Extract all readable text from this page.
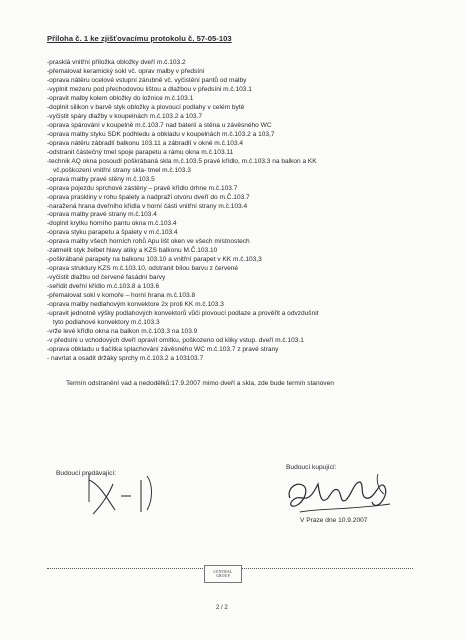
Příloha č. 1 ke zjišťovacímu protokolu č. 57-05-103
-prasklá vnitřní příložka obložky dveří m.č.103.2
-přemalovat keramický sokl vč. oprav malby v předsíni
-oprava nátěru ocelové vstupní zárubně vč. vyčistění pantů od malby
-vyplnit mezeru pod přechodovou lištou a dlažbou v předsíni m.č.103.1
-opravit malby kolem obložky do ložnice m.č.103.1
-doplnit silikon v barvě styk obložky a plovoucí podlahy v celém bytě
-vyčistit spáry dlažby v koupelnách m.č.103.2 a 103.7
-oprava spárování v koupelně m.č.103.7 nad baterií a stěna u závěsného WC
-oprava malby styku SDK podhledu a obkladu v koupelnách m.č.103.2 a 103,7
-oprava nátěru zábradlí balkonu 103.11 a zábradlí v okně m.č.103.4
-odstranit částečný tmel spoje parapetu a rámu okna m.č.103.11
-technik AQ okna posoudí poškrábaná skla m.č.103.5 pravé křídlo, m.č.103.3 na balkon a KK
vč.poškození vnitřní strany skla- tmel m.č.103.3
-oprava malby pravé stěny m.č.103.5
-oprava pojezdu sprchové zástěny – pravé křídlo drhne m.č.103.7
-oprava prasklinу v rohu špalety a nadpraží otvoru dveří do m.Č.103.7
-naražená hrana dveřního křídla v horní části vnitřní strany m.č.103.4
-oprava malby pravé strany m.č.103.4
-doplnit krytku horního pantu okna m.č.103.4
-oprava styku parapetu a špalety v m.č.103.4
-oprava malby všech horních rohů Apu lišt oken ve všech místnostech
-zatmelit styk želbet hlavy atiky a KZS balkonu M.Č.103.10
-poškrábané parapety na balkonu 103.10 a vnitřní parapet v KK m.č.103,3
-oprava struktury KZS m.č.103.10, odstranit bílou barvu z červené
-vyčistit dlažbu od červené fasádní barvy
-seřídit dveřní křídlo m.č.103.8 a 103.6
-přemalovat sokl v komoře – horní hrana m.č.103.8
-oprava malby nedlahovým konvektore 2x proti KK m.č.103.3
-upravit jednotně výšky podlahových konvektorů vůči plovoucí podlaze a prověřit a odvzdušnit
tyto podlahové konvektory m.č.103.3
-vrže levé křídlo okna na balkon m.č.103.3 na 103.9
-v předsíni u vchodových dveří opravit omítku, poškozeno od kliky vstup. dveří m.č.103.1
-oprava obkladu u tlačítka splachování závěsného WC m.č.103.7 z pravé strany
- navrtat a osadit držáky sprchy m.č.103.2 a 103103.7
Termín odstranění vad a nedodělků:17.9.2007 mimo dveří a skla, zde bude termín stanoven
Budoucí prodávající:
Budoucí kupující:
V Praze dne 10.9.2007
CENTRAL
GROUP
2 / 2
